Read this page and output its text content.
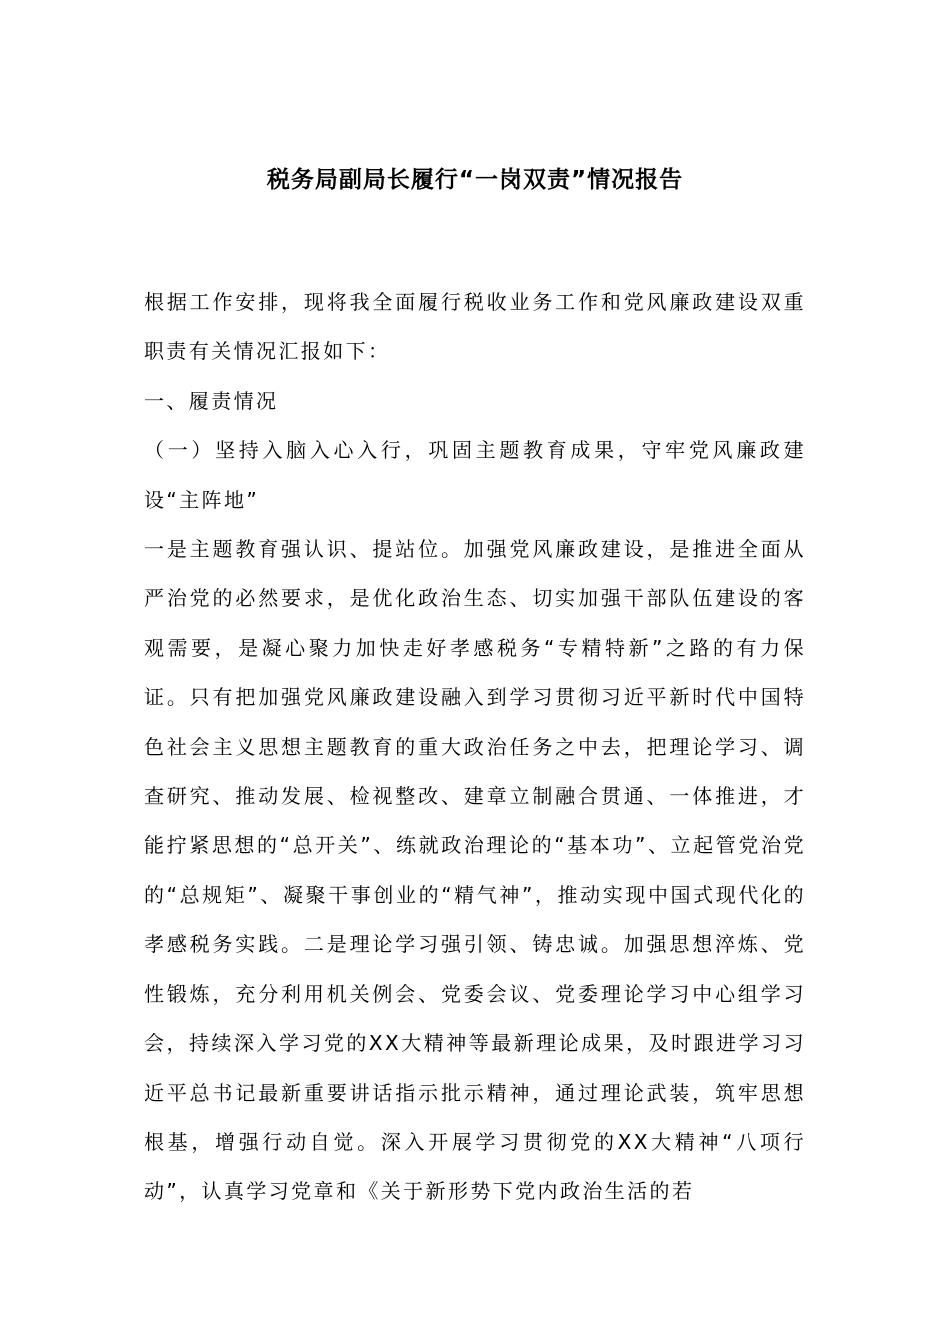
税务局副局长履行“一岗双责”情况报告

根据工作安排，现将我全面履行税收业务工作和党风廉政建设双重职责有关情况汇报如下：

一、履责情况

（一）坚持入脑入心入行，巩固主题教育成果，守牢党风廉政建设“主阵地”

一是主题教育强认识、提站位。加强党风廉政建设，是推进全面从严治党的必然要求，是优化政治生态、切实加强干部队伍建设的客观需要，是凝心聚力加快走好孝感税务“专精特新”之路的有力保证。只有把加强党风廉政建设融入到学习贯彻习近平新时代中国特色社会主义思想主题教育的重大政治任务之中去，把理论学习、调查研究、推动发展、检视整改、建章立制融合贯通、一体推进，才能拧紧思想的“总开关”、练就政治理论的“基本功”、立起管党治党的“总规矩”、凝聚干事创业的“精气神”，推动实现中国式现代化的孝感税务实践。二是理论学习强引领、铸忠诚。加强思想淬炼、党性锻炼，充分利用机关例会、党委会议、党委理论学习中心组学习会，持续深入学习党的XX大精神等最新理论成果，及时跟进学习习近平总书记最新重要讲话指示批示精神，通过理论武装，筑牢思想根基，增强行动自觉。深入开展学习贯彻党的XX大精神“八项行动”，认真学习党章和《关于新形势下党内政治生活的若
